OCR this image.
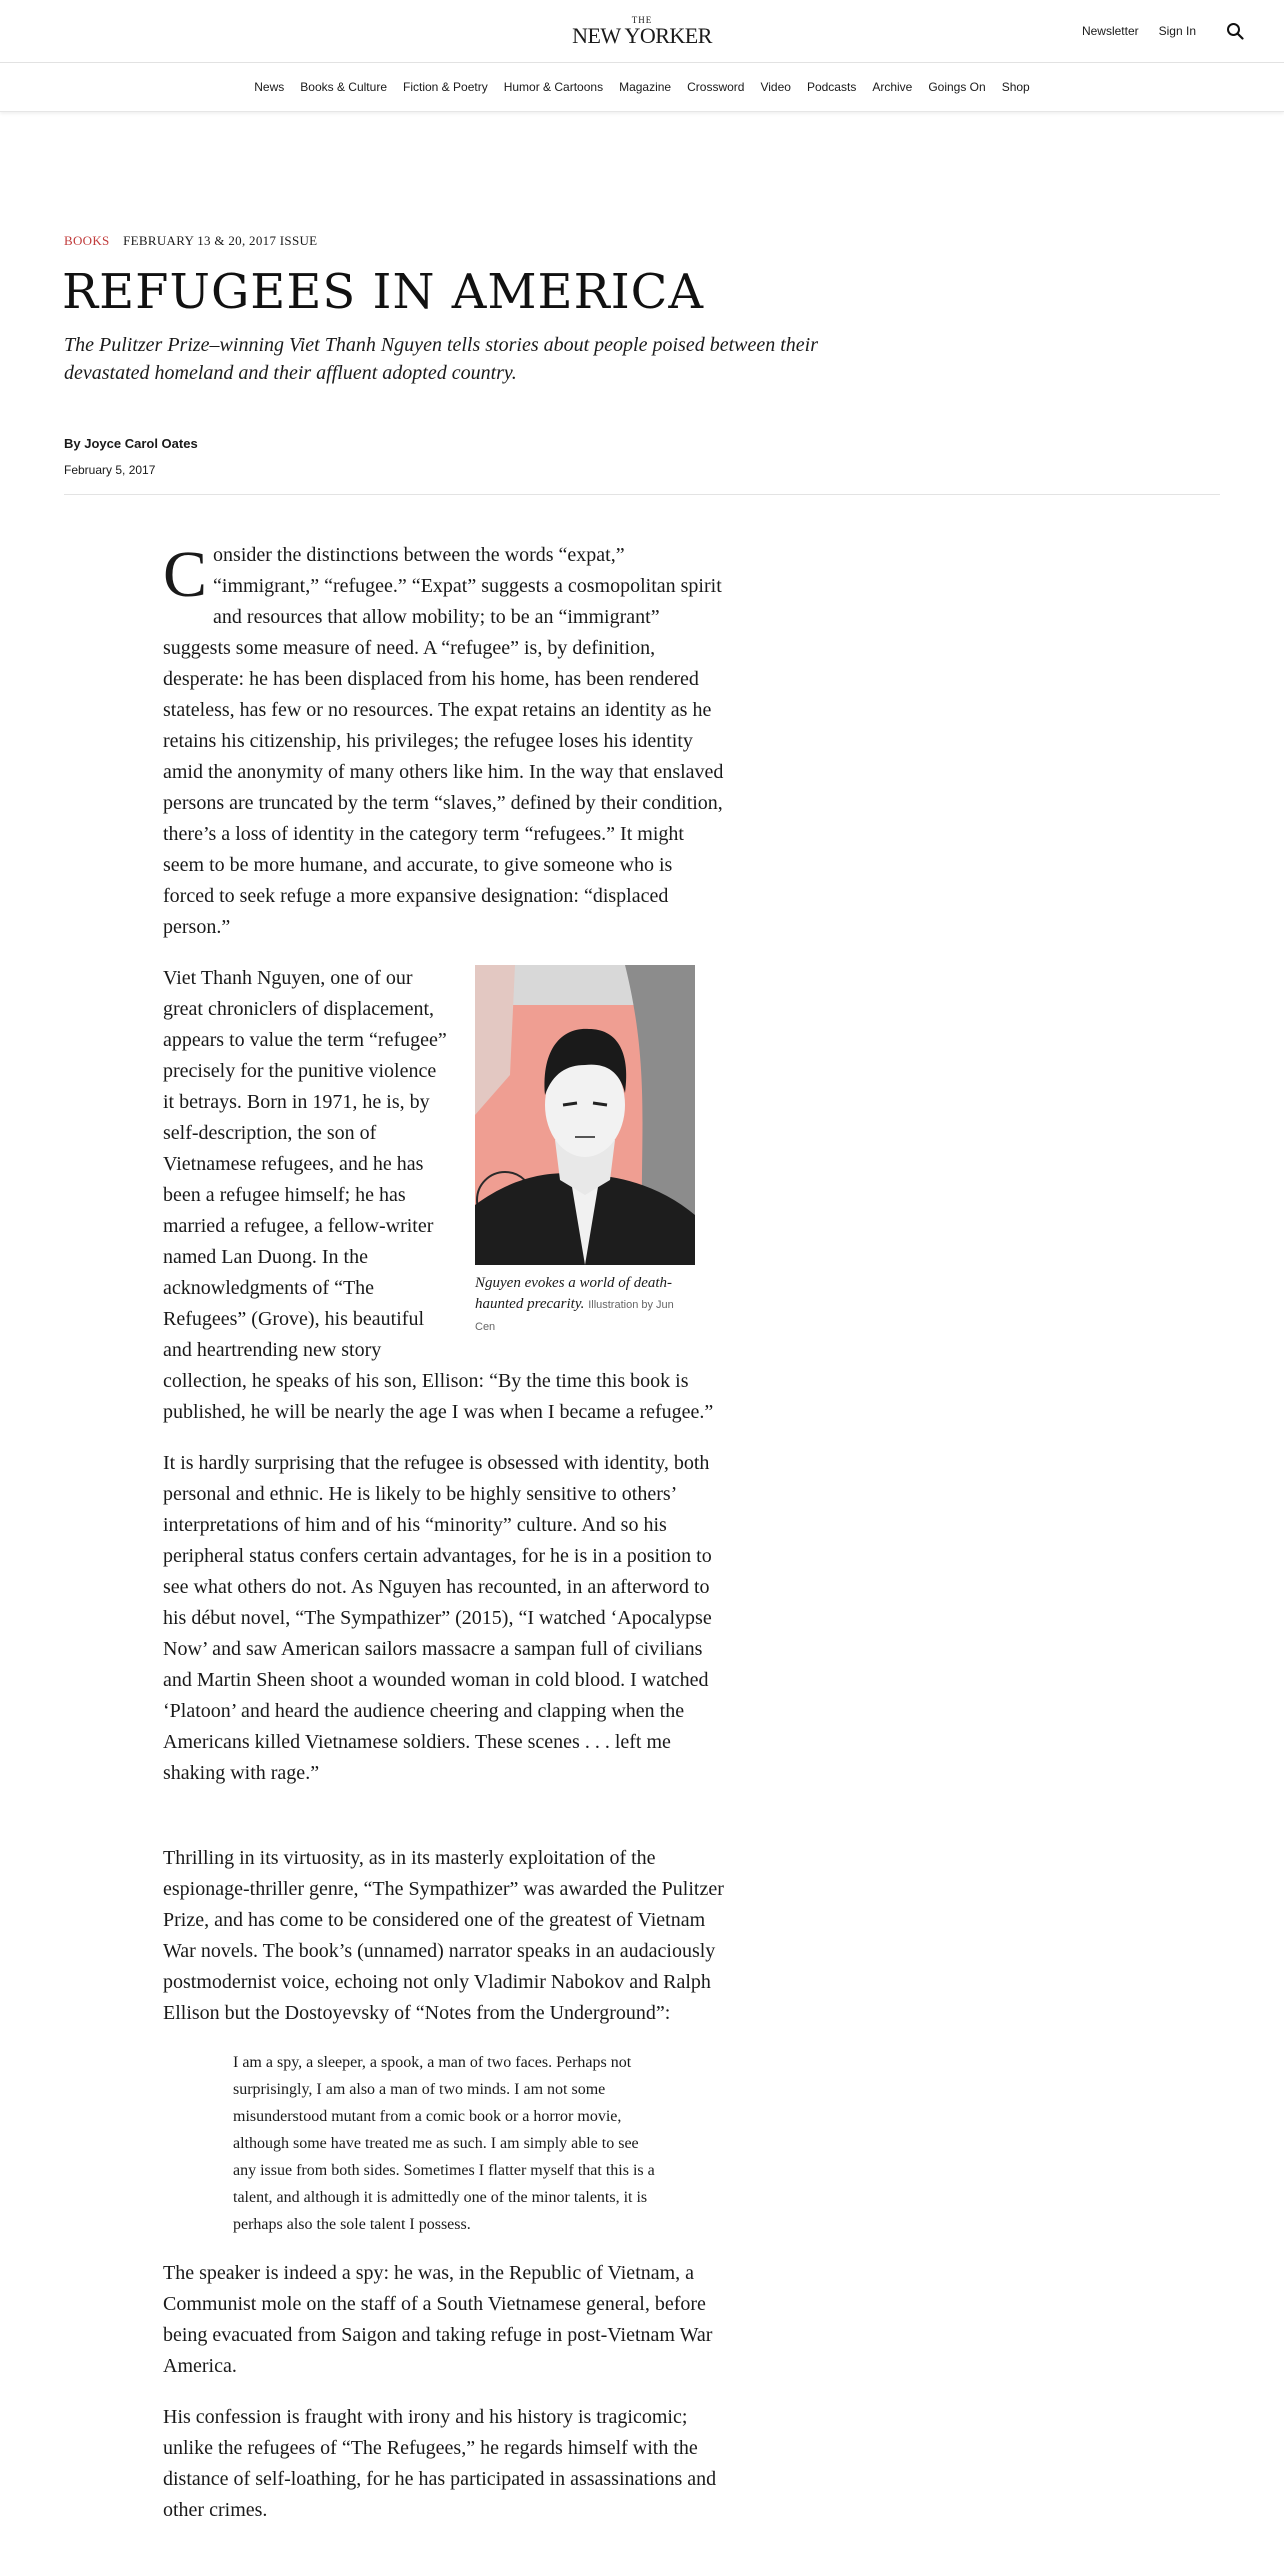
THE
NEW YORKER	Newsletter Sign In
News Books & Culture Fiction & Poetry Humor & Cartoons Magazine Crossword Video Podcasts Archive Goings On Shop
BOOKS FEBRUARY 13 & 20, 2017 ISSUE
REFUGEES IN AMERICA
The Pulitzer Prize–winning Viet Thanh Nguyen tells stories about people poised between their devastated homeland and their affluent adopted country.
By Joyce Carol Oates
February 5, 2017

Consider the distinctions between the words “expat,” “immigrant,” “refugee.” “Expat” suggests a cosmopolitan spirit and resources that allow mobility; to be an “immigrant” suggests some measure of need. A “refugee” is, by definition, desperate: he has been displaced from his home, has been rendered stateless, has few or no resources. The expat retains an identity as he retains his citizenship, his privileges; the refugee loses his identity amid the anonymity of many others like him. In the way that enslaved persons are truncated by the term “slaves,” defined by their condition, there’s a loss of identity in the category term “refugees.” It might seem to be more humane, and accurate, to give someone who is forced to seek refuge a more expansive designation: “displaced person.”

Nguyen evokes a world of death-haunted precarity. Illustration by Jun Cen

Viet Thanh Nguyen, one of our great chroniclers of displacement, appears to value the term “refugee” precisely for the punitive violence it betrays. Born in 1971, he is, by self-description, the son of Vietnamese refugees, and he has been a refugee himself; he has married a refugee, a fellow-writer named Lan Duong. In the acknowledgments of “The Refugees” (Grove), his beautiful and heartrending new story collection, he speaks of his son, Ellison: “By the time this book is published, he will be nearly the age I was when I became a refugee.”

It is hardly surprising that the refugee is obsessed with identity, both personal and ethnic. He is likely to be highly sensitive to others’ interpretations of him and of his “minority” culture. And so his peripheral status confers certain advantages, for he is in a position to see what others do not. As Nguyen has recounted, in an afterword to his début novel, “The Sympathizer” (2015), “I watched ‘Apocalypse Now’ and saw American sailors massacre a sampan full of civilians and Martin Sheen shoot a wounded woman in cold blood. I watched ‘Platoon’ and heard the audience cheering and clapping when the Americans killed Vietnamese soldiers. These scenes . . . left me shaking with rage.”

Thrilling in its virtuosity, as in its masterly exploitation of the espionage-thriller genre, “The Sympathizer” was awarded the Pulitzer Prize, and has come to be considered one of the greatest of Vietnam War novels. The book’s (unnamed) narrator speaks in an audaciously postmodernist voice, echoing not only Vladimir Nabokov and Ralph Ellison but the Dostoyevsky of “Notes from the Underground”:

I am a spy, a sleeper, a spook, a man of two faces. Perhaps not surprisingly, I am also a man of two minds. I am not some misunderstood mutant from a comic book or a horror movie, although some have treated me as such. I am simply able to see any issue from both sides. Sometimes I flatter myself that this is a talent, and although it is admittedly one of the minor talents, it is perhaps also the sole talent I possess.

The speaker is indeed a spy: he was, in the Republic of Vietnam, a Communist mole on the staff of a South Vietnamese general, before being evacuated from Saigon and taking refuge in post-Vietnam War America.

His confession is fraught with irony and his history is tragicomic; unlike the refugees of “The Refugees,” he regards himself with the distance of self-loathing, for he has participated in assassinations and other crimes.
